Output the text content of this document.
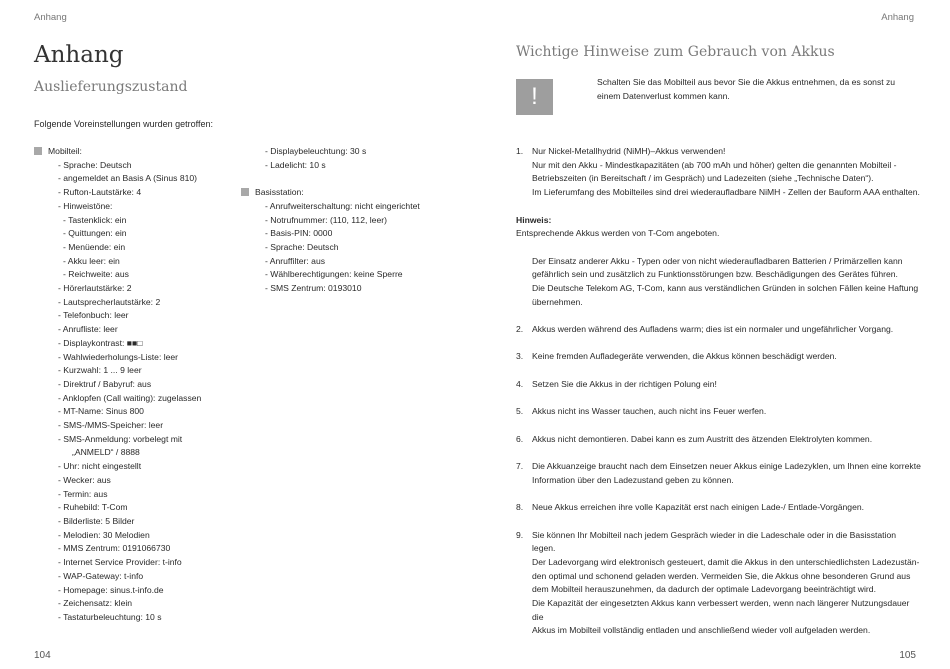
Anhang	Anhang
Anhang
Auslieferungszustand
Folgende Voreinstellungen wurden getroffen:
Mobilteil:
- Sprache: Deutsch
- angemeldet an Basis A (Sinus 810)
- Rufton-Lautstärke: 4
- Hinweistöne:
- Tastenklick: ein
- Quittungen: ein
- Menüende: ein
- Akku leer: ein
- Reichweite: aus
- Hörerlautstärke: 2
- Lautsprecherlautstärke: 2
- Telefonbuch: leer
- Anrufliste: leer
- Displaykontrast: ■■□
- Wahlwiederholungs-Liste: leer
- Kurzwahl: 1 ... 9 leer
- Direktruf / Babyruf: aus
- Anklopfen (Call waiting): zugelassen
- MT-Name: Sinus 800
- SMS-/MMS-Speicher: leer
- SMS-Anmeldung: vorbelegt mit
„ANMELD“ / 8888
- Uhr: nicht eingestellt
- Wecker: aus
- Termin: aus
- Ruhebild: T-Com
- Bilderliste: 5 Bilder
- Melodien: 30 Melodien
- MMS Zentrum: 0191066730
- Internet Service Provider: t-info
- WAP-Gateway: t-info
- Homepage: sinus.t-info.de
- Zeichensatz: klein
- Tastaturbeleuchtung: 10 s
- Displaybeleuchtung: 30 s
- Ladelicht: 10 s
Basisstation:
- Anrufweiterschaltung: nicht eingerichtet
- Notrufnummer: (110, 112, leer)
- Basis-PIN: 0000
- Sprache: Deutsch
- Anruffilter: aus
- Wählberechtigungen: keine Sperre
- SMS Zentrum: 0193010
104
Wichtige Hinweise zum Gebrauch von Akkus
!
Schalten Sie das Mobilteil aus bevor Sie die Akkus entnehmen, da es sonst zu einem Datenverlust kommen kann.
1. Nur Nickel-Metallhydrid (NiMH)–Akkus verwenden!
Nur mit den Akku - Mindestkapazitäten (ab 700 mAh und höher) gelten die genannten Mobilteil -
Betriebszeiten (in Bereitschaft / im Gespräch) und Ladezeiten (siehe „Technische Daten“).
Im Lieferumfang des Mobilteiles sind drei wiederaufladbare NiMH - Zellen der Bauform AAA enthalten.
Hinweis:
Entsprechende Akkus werden von T-Com angeboten.
Der Einsatz anderer Akku - Typen oder von nicht wiederaufladbaren Batterien / Primärzellen kann
gefährlich sein und zusätzlich zu Funktionsstörungen bzw. Beschädigungen des Gerätes führen.
Die Deutsche Telekom AG, T-Com, kann aus verständlichen Gründen in solchen Fällen keine Haftung
übernehmen.
2. Akkus werden während des Aufladens warm; dies ist ein normaler und ungefährlicher Vorgang.
3. Keine fremden Aufladegeräte verwenden, die Akkus können beschädigt werden.
4. Setzen Sie die Akkus in der richtigen Polung ein!
5. Akkus nicht ins Wasser tauchen, auch nicht ins Feuer werfen.
6. Akkus nicht demontieren. Dabei kann es zum Austritt des ätzenden Elektrolyten kommen.
7. Die Akkuanzeige braucht nach dem Einsetzen neuer Akkus einige Ladezyklen, um Ihnen eine korrekte
Information über den Ladezustand geben zu können.
8. Neue Akkus erreichen ihre volle Kapazität erst nach einigen Lade-/ Entlade-Vorgängen.
9. Sie können Ihr Mobilteil nach jedem Gespräch wieder in die Ladeschale oder in die Basisstation legen.
Der Ladevorgang wird elektronisch gesteuert, damit die Akkus in den unterschiedlichsten Ladezustän-
den optimal und schonend geladen werden. Vermeiden Sie, die Akkus ohne besonderen Grund aus
dem Mobilteil herauszunehmen, da dadurch der optimale Ladevorgang beeinträchtigt wird.
Die Kapazität der eingesetzten Akkus kann verbessert werden, wenn nach längerer Nutzungsdauer die
Akkus im Mobilteil vollständig entladen und anschließend wieder voll aufgeladen werden.
105
